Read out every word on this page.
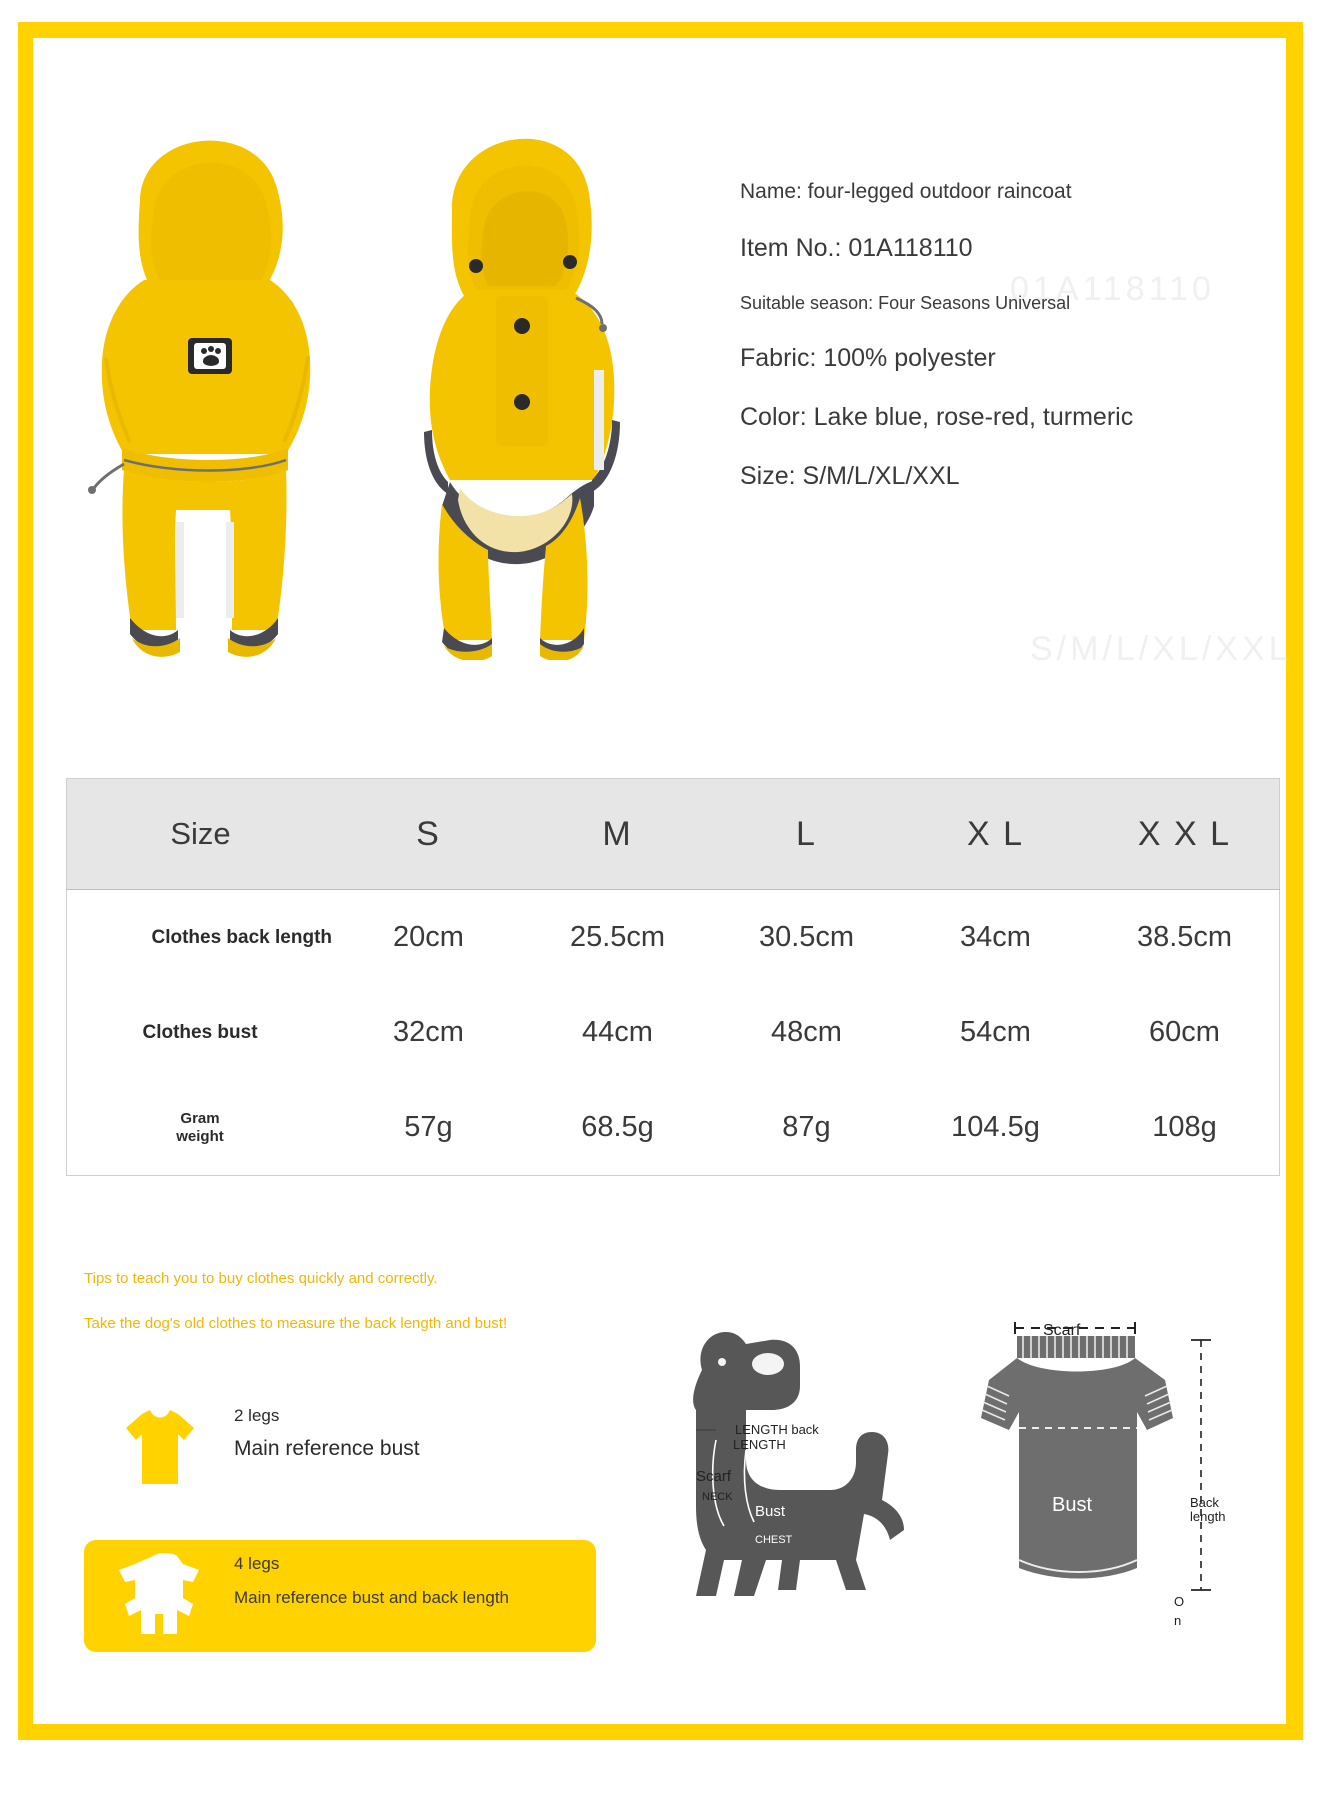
01A118110
S/M/L/XL/XXL
Name: four-legged outdoor raincoat
Item No.: 01A118110
Suitable season: Four Seasons Universal
Fabric: 100% polyester
Color: Lake blue, rose-red, turmeric
Size: S/M/L/XL/XXL
Size	S	M	L	X L	X X L
Clothes back length	20cm	25.5cm	30.5cm	34cm	38.5cm
Clothes bust	32cm	44cm	48cm	54cm	60cm
Gram
weight	57g	68.5g	87g	104.5g	108g
Tips to teach you to buy clothes quickly and correctly.
Take the dog's old clothes to measure the back length and bust!
2 legs
Main reference bust
4 legs
Main reference bust and back length
LENGTH back
LENGTH
Scarf
NECK
Bust
CHEST
Scarf
Bust	Back
length
O
n
